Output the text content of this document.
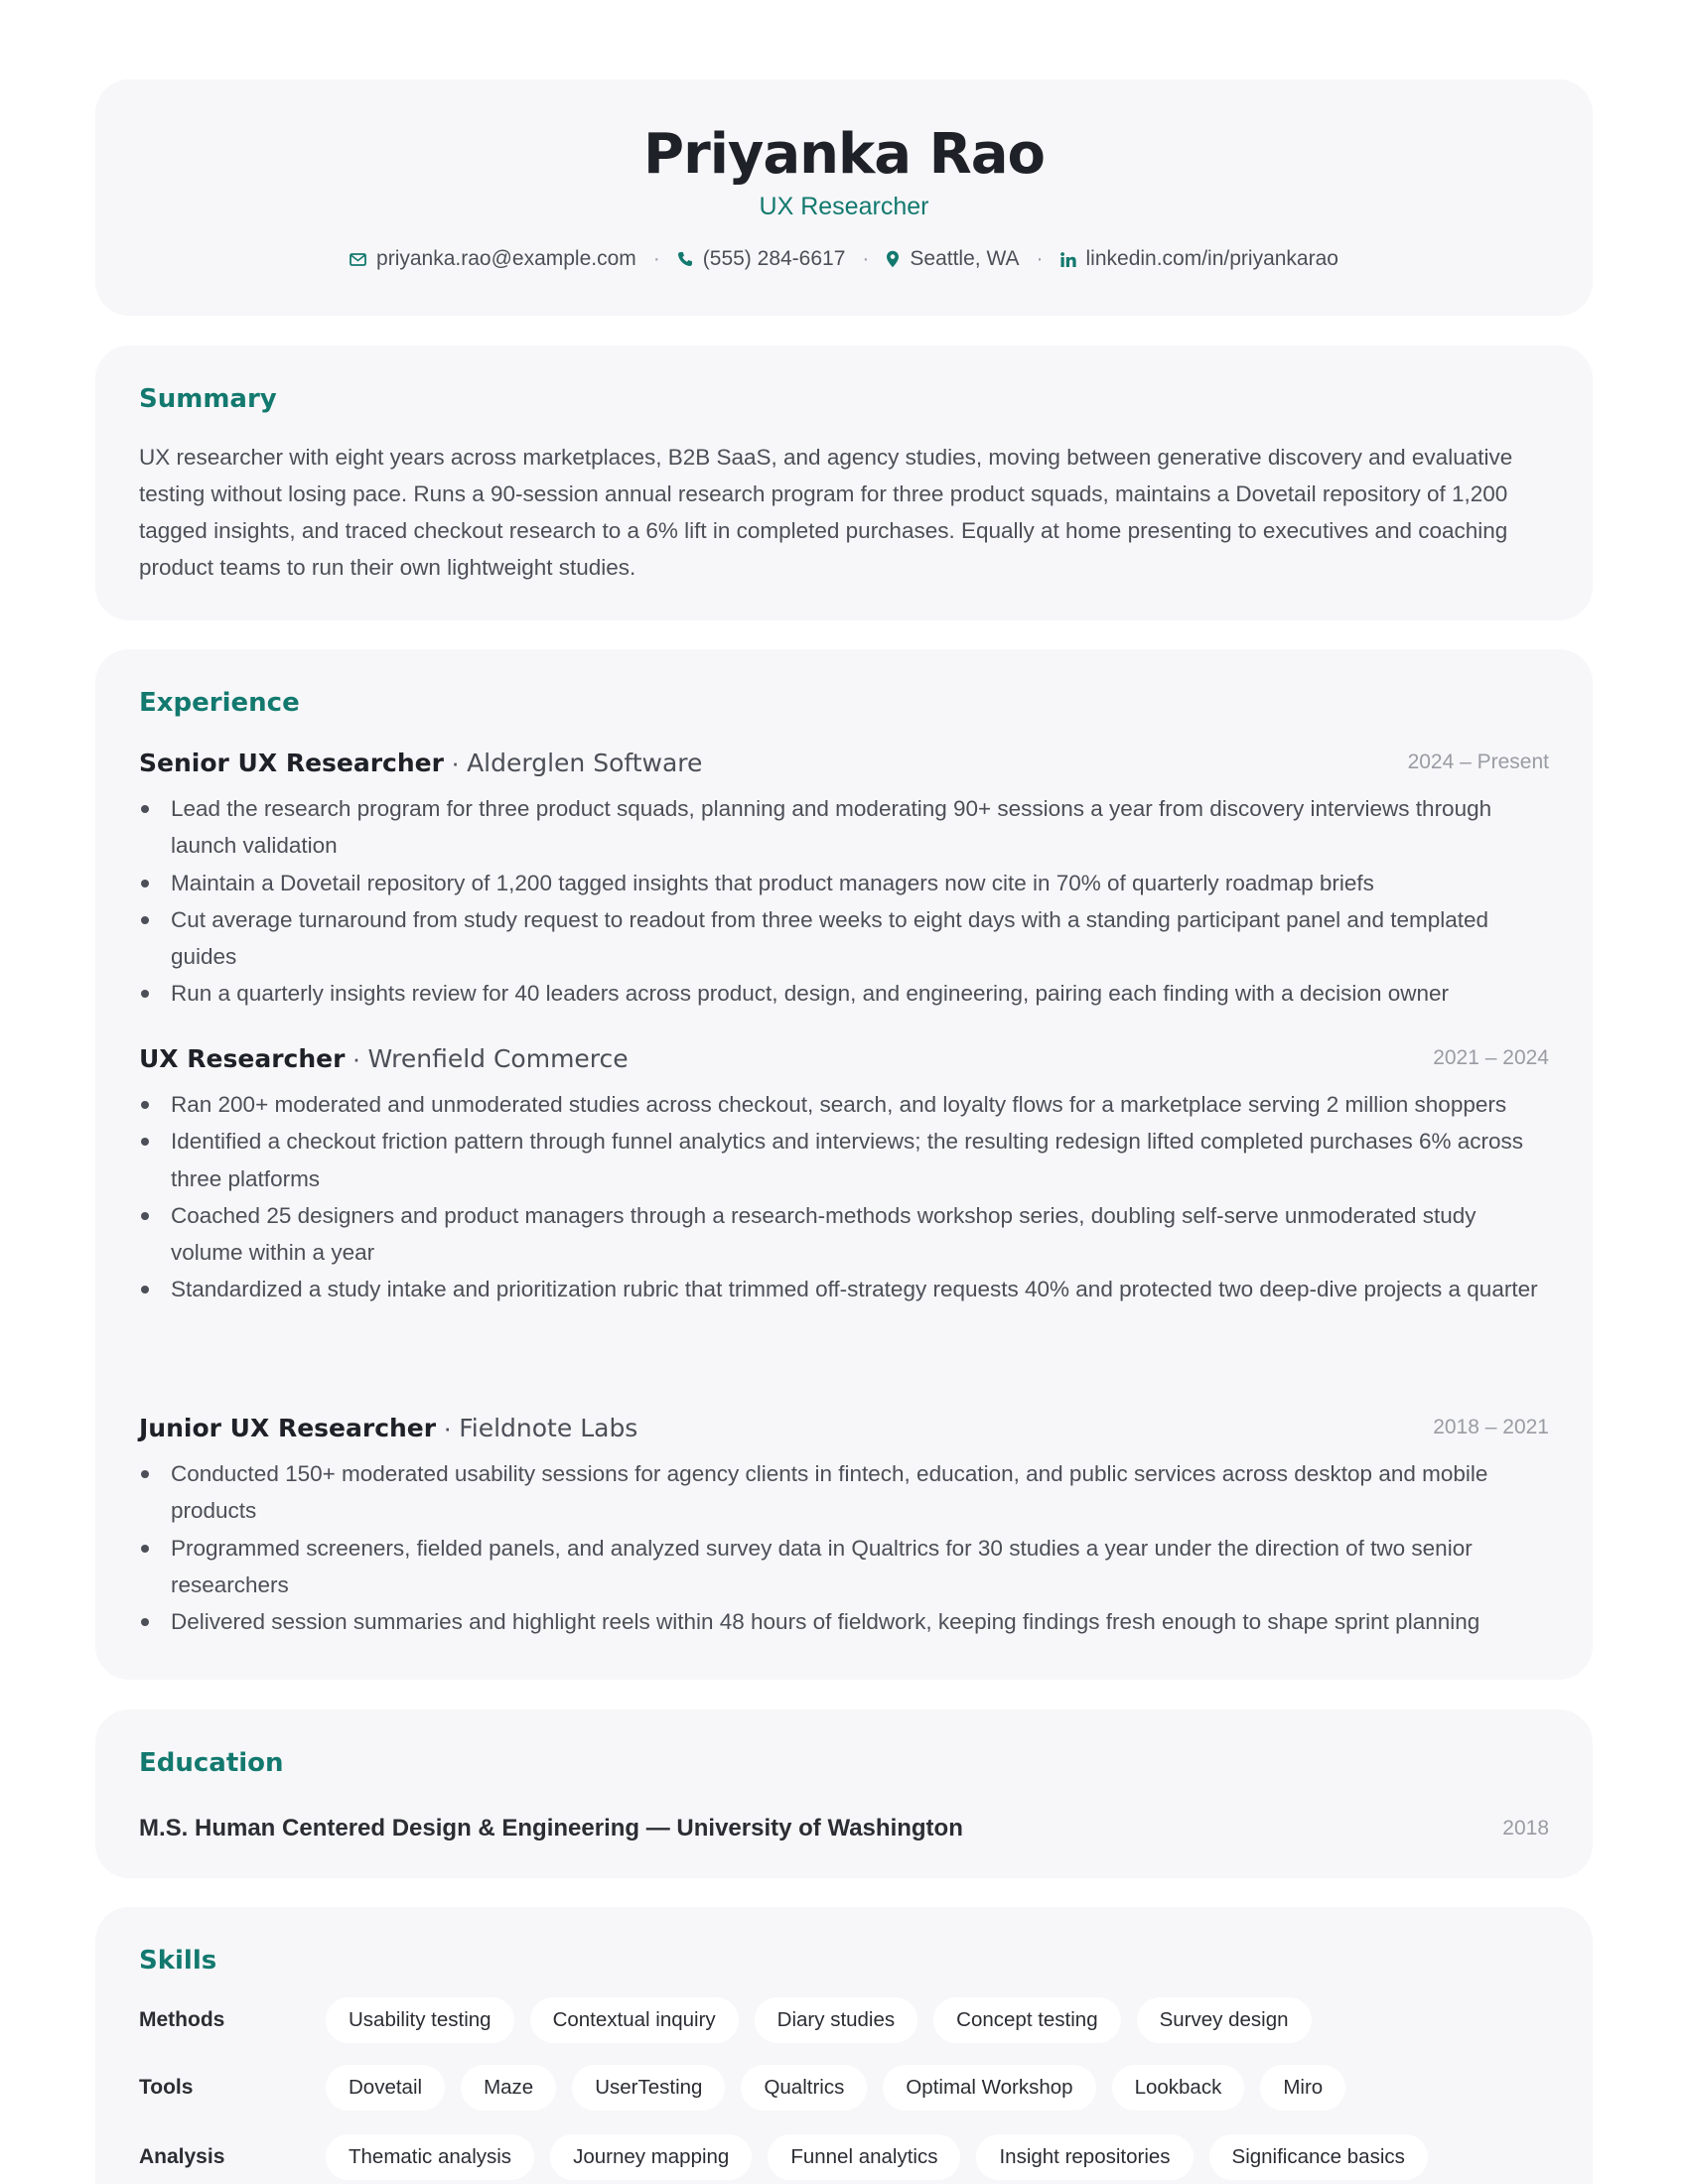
Priyanka Rao
UX Researcher
priyanka.rao@example.com · (555) 284-6617 · Seattle, WA · linkedin.com/in/priyankarao
Summary
UX researcher with eight years across marketplaces, B2B SaaS, and agency studies, moving between generative discovery and evaluative testing without losing pace. Runs a 90-session annual research program for three product squads, maintains a Dovetail repository of 1,200 tagged insights, and traced checkout research to a 6% lift in completed purchases. Equally at home presenting to executives and coaching product teams to run their own lightweight studies.
Experience
Senior UX Researcher · Alderglen Software	2024 – Present
Lead the research program for three product squads, planning and moderating 90+ sessions a year from discovery interviews through launch validation
Maintain a Dovetail repository of 1,200 tagged insights that product managers now cite in 70% of quarterly roadmap briefs
Cut average turnaround from study request to readout from three weeks to eight days with a standing participant panel and templated guides
Run a quarterly insights review for 40 leaders across product, design, and engineering, pairing each finding with a decision owner
UX Researcher · Wrenfield Commerce	2021 – 2024
Ran 200+ moderated and unmoderated studies across checkout, search, and loyalty flows for a marketplace serving 2 million shoppers
Identified a checkout friction pattern through funnel analytics and interviews; the resulting redesign lifted completed purchases 6% across three platforms
Coached 25 designers and product managers through a research-methods workshop series, doubling self-serve unmoderated study volume within a year
Standardized a study intake and prioritization rubric that trimmed off-strategy requests 40% and protected two deep-dive projects a quarter
Junior UX Researcher · Fieldnote Labs	2018 – 2021
Conducted 150+ moderated usability sessions for agency clients in fintech, education, and public services across desktop and mobile products
Programmed screeners, fielded panels, and analyzed survey data in Qualtrics for 30 studies a year under the direction of two senior researchers
Delivered session summaries and highlight reels within 48 hours of fieldwork, keeping findings fresh enough to shape sprint planning
Education
M.S. Human Centered Design & Engineering — University of Washington	2018
Skills
Methods	Usability testing	Contextual inquiry	Diary studies	Concept testing	Survey design
Tools	Dovetail	Maze	UserTesting	Qualtrics	Optimal Workshop	Lookback	Miro
Analysis	Thematic analysis	Journey mapping	Funnel analytics	Insight repositories	Significance basics
